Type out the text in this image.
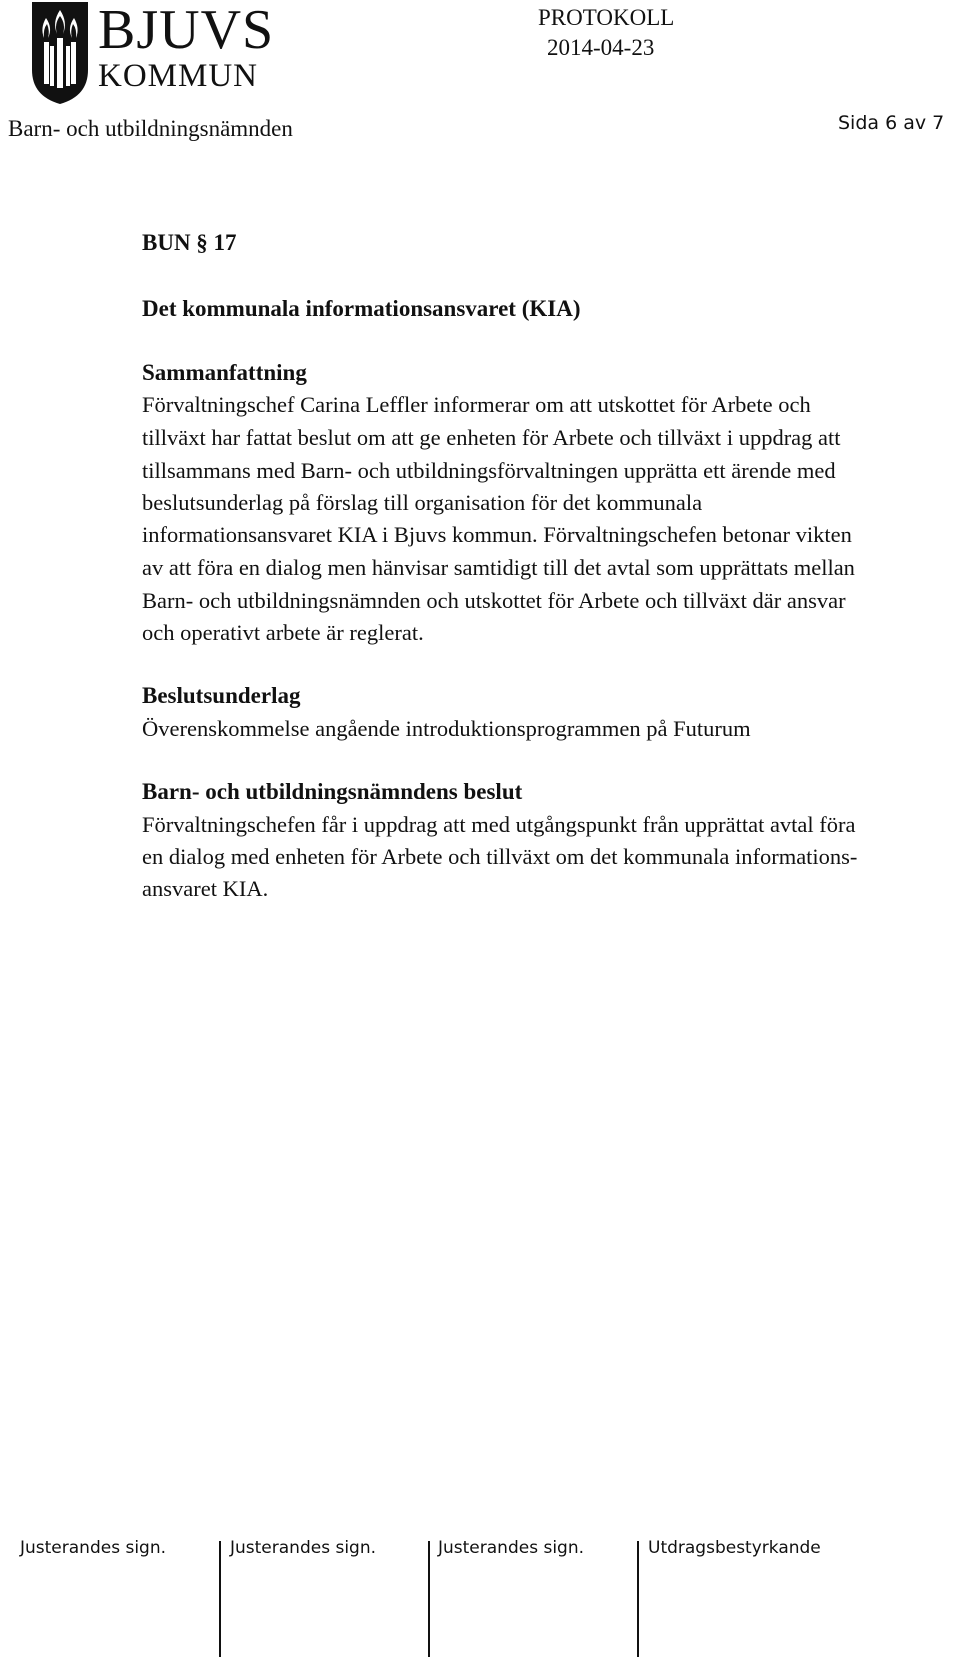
BJUVS
KOMMUN
PROTOKOLL
2014-04-23
Barn- och utbildningsnämnden	Sida 6 av 7
BUN § 17
Det kommunala informationsansvaret (KIA)
Sammanfattning
Förvaltningschef Carina Leffler informerar om att utskottet för Arbete och
tillväxt har fattat beslut om att ge enheten för Arbete och tillväxt i uppdrag att
tillsammans med Barn- och utbildningsförvaltningen upprätta ett ärende med
beslutsunderlag på förslag till organisation för det kommunala
informationsansvaret KIA i Bjuvs kommun. Förvaltningschefen betonar vikten
av att föra en dialog men hänvisar samtidigt till det avtal som upprättats mellan
Barn- och utbildningsnämnden och utskottet för Arbete och tillväxt där ansvar
och operativt arbete är reglerat.
Beslutsunderlag
Överenskommelse angående introduktionsprogrammen på Futurum
Barn- och utbildningsnämndens beslut
Förvaltningschefen får i uppdrag att med utgångspunkt från upprättat avtal föra
en dialog med enheten för Arbete och tillväxt om det kommunala informations-
ansvaret KIA.
Justerandes sign.	Justerandes sign.	Justerandes sign.	Utdragsbestyrkande
